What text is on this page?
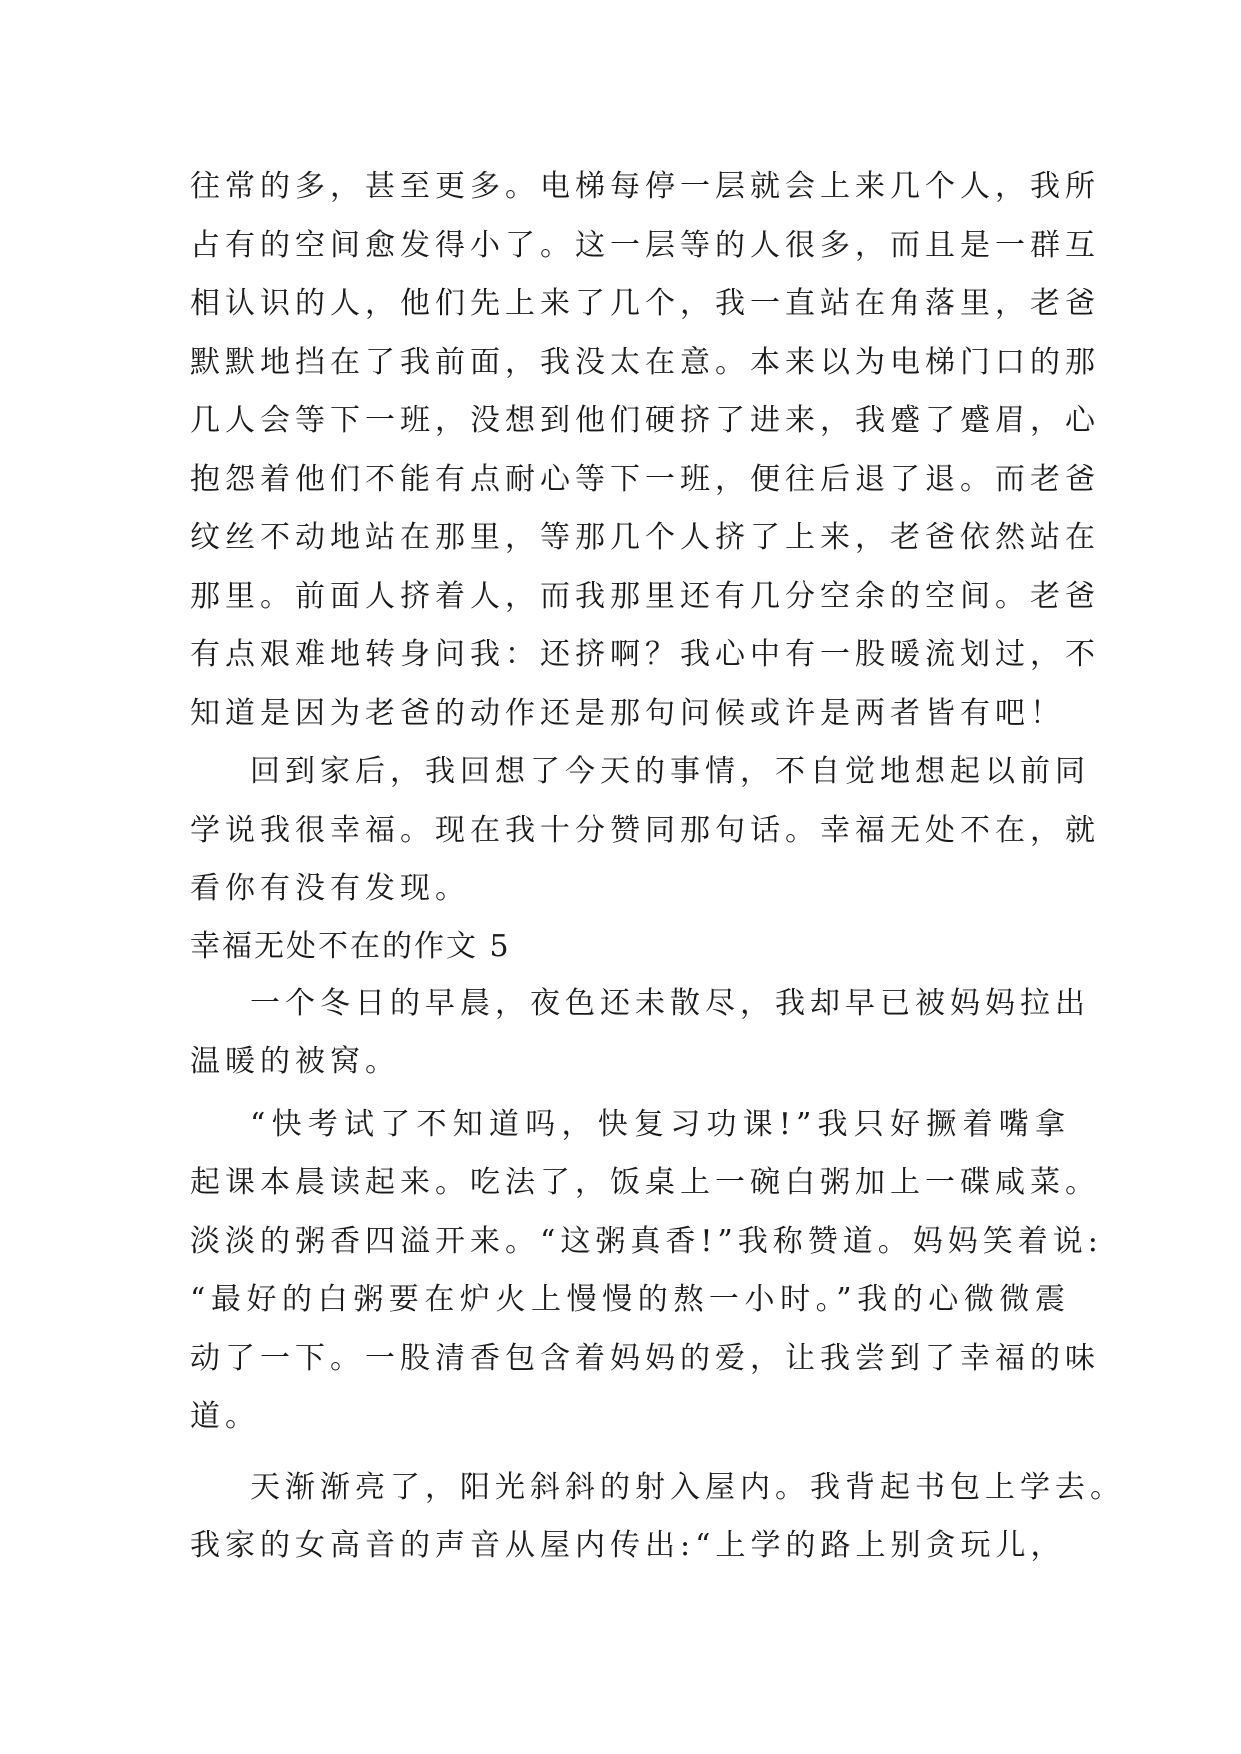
往常的多，甚至更多。电梯每停一层就会上来几个人，我所
占有的空间愈发得小了。这一层等的人很多，而且是一群互
相认识的人，他们先上来了几个，我一直站在角落里，老爸
默默地挡在了我前面，我没太在意。本来以为电梯门口的那
几人会等下一班，没想到他们硬挤了进来，我蹙了蹙眉，心
抱怨着他们不能有点耐心等下一班，便往后退了退。而老爸
纹丝不动地站在那里，等那几个人挤了上来，老爸依然站在
那里。前面人挤着人，而我那里还有几分空余的空间。老爸
有点艰难地转身问我：还挤啊？我心中有一股暖流划过，不
知道是因为老爸的动作还是那句问候或许是两者皆有吧！

回到家后，我回想了今天的事情，不自觉地想起以前同
学说我很幸福。现在我十分赞同那句话。幸福无处不在，就
看你有没有发现。

幸福无处不在的作文 5

一个冬日的早晨，夜色还未散尽，我却早已被妈妈拉出
温暖的被窝。

“快考试了不知道吗，快复习功课!”我只好撅着嘴拿
起课本晨读起来。吃法了，饭桌上一碗白粥加上一碟咸菜。
淡淡的粥香四溢开来。“这粥真香!”我称赞道。妈妈笑着说:
“最好的白粥要在炉火上慢慢的熬一小时。”我的心微微震
动了一下。一股清香包含着妈妈的爱，让我尝到了幸福的味
道。

天渐渐亮了，阳光斜斜的射入屋内。我背起书包上学去。
我家的女高音的声音从屋内传出:“上学的路上别贪玩儿，
